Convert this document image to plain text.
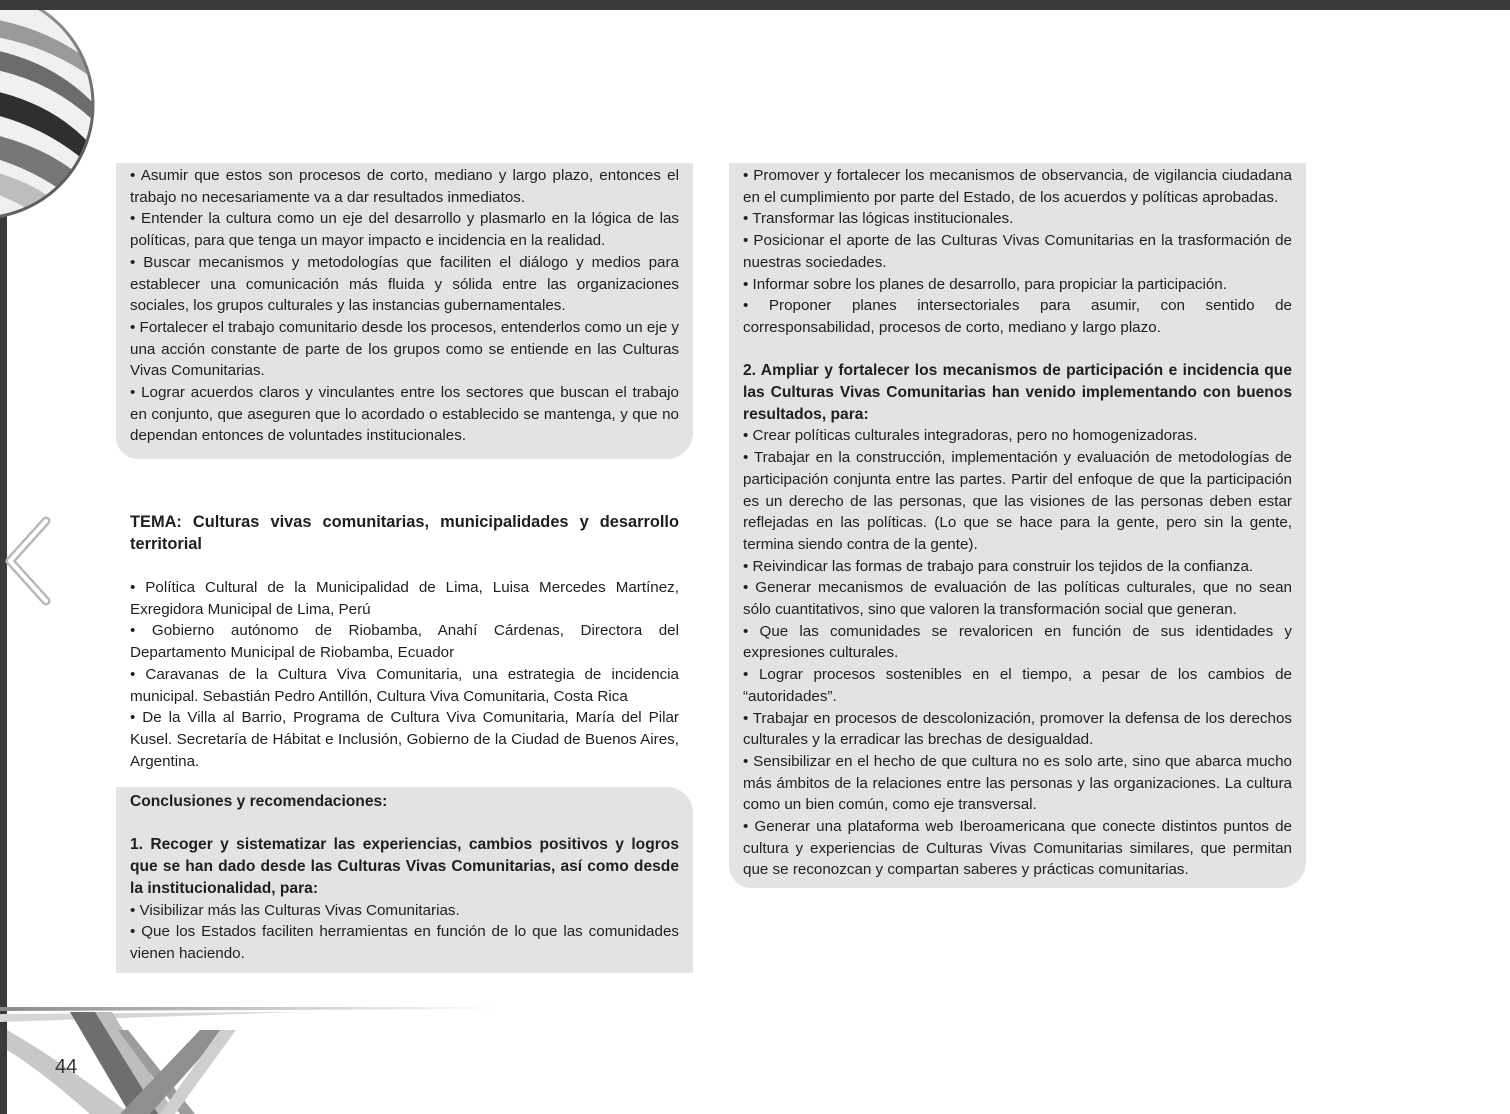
44

• Asumir que estos son procesos de corto, mediano y largo plazo, entonces el trabajo no necesariamente va a dar resultados inmediatos.

• Entender la cultura como un eje del desarrollo y plasmarlo en la lógica de las políticas, para que tenga un mayor impacto e incidencia en la realidad.

• Buscar mecanismos y metodologías que faciliten el diálogo y medios para establecer una comunicación más fluida y sólida entre las organizaciones sociales, los grupos culturales y las instancias gubernamentales.

• Fortalecer el trabajo comunitario desde los procesos, entenderlos como un eje y una acción constante de parte de los grupos como se entiende en las Culturas Vivas Comunitarias.

• Lograr acuerdos claros y vinculantes entre los sectores que buscan el trabajo en conjunto, que aseguren que lo acordado o establecido se mantenga, y que no dependan entonces de voluntades institucionales.

TEMA: Culturas vivas comunitarias, municipalidades y desarrollo territorial

• Política Cultural de la Municipalidad de Lima, Luisa Mercedes Martínez, Exregidora Municipal de Lima, Perú

• Gobierno autónomo de Riobamba, Anahí Cárdenas, Directora del Departamento Municipal de Riobamba, Ecuador

• Caravanas de la Cultura Viva Comunitaria, una estrategia de incidencia municipal. Sebastián Pedro Antillón, Cultura Viva Comunitaria, Costa Rica

• De la Villa al Barrio, Programa de Cultura Viva Comunitaria, María del Pilar Kusel. Secretaría de Hábitat e Inclusión, Gobierno de la Ciudad de Buenos Aires, Argentina.

Conclusiones y recomendaciones:

1. Recoger y sistematizar las experiencias, cambios positivos y logros que se han dado desde las Culturas Vivas Comunitarias, así como desde la institucionalidad, para:

• Visibilizar más las Culturas Vivas Comunitarias.

• Que los Estados faciliten herramientas en función de lo que las comunidades vienen haciendo.

• Promover y fortalecer los mecanismos de observancia, de vigilancia ciudadana en el cumplimiento por parte del Estado, de los acuerdos y políticas aprobadas.

• Transformar las lógicas institucionales.

• Posicionar el aporte de las Culturas Vivas Comunitarias en la trasformación de nuestras sociedades.

• Informar sobre los planes de desarrollo, para propiciar la participación.

• Proponer planes intersectoriales para asumir, con sentido de corresponsabilidad, procesos de corto, mediano y largo plazo.

2. Ampliar y fortalecer los mecanismos de participación e incidencia que las Culturas Vivas Comunitarias han venido implementando con buenos resultados, para:

• Crear políticas culturales integradoras, pero no homogenizadoras.

• Trabajar en la construcción, implementación y evaluación de metodologías de participación conjunta entre las partes. Partir del enfoque de que la participación es un derecho de las personas, que las visiones de las personas deben estar reflejadas en las políticas. (Lo que se hace para la gente, pero sin la gente, termina siendo contra de la gente).

• Reivindicar las formas de trabajo para construir los tejidos de la confianza.

• Generar mecanismos de evaluación de las políticas culturales, que no sean sólo cuantitativos, sino que valoren la transformación social que generan.

• Que las comunidades se revaloricen en función de sus identidades y expresiones culturales.

• Lograr procesos sostenibles en el tiempo, a pesar de los cambios de “autoridades”.

• Trabajar en procesos de descolonización, promover la defensa de los derechos culturales y la erradicar las brechas de desigualdad.

• Sensibilizar en el hecho de que cultura no es solo arte, sino que abarca mucho más ámbitos de la relaciones entre las personas y las organizaciones. La cultura como un bien común, como eje transversal.

• Generar una plataforma web Iberoamericana que conecte distintos puntos de cultura y experiencias de Culturas Vivas Comunitarias similares, que permitan que se reconozcan y compartan saberes y prácticas comunitarias.
